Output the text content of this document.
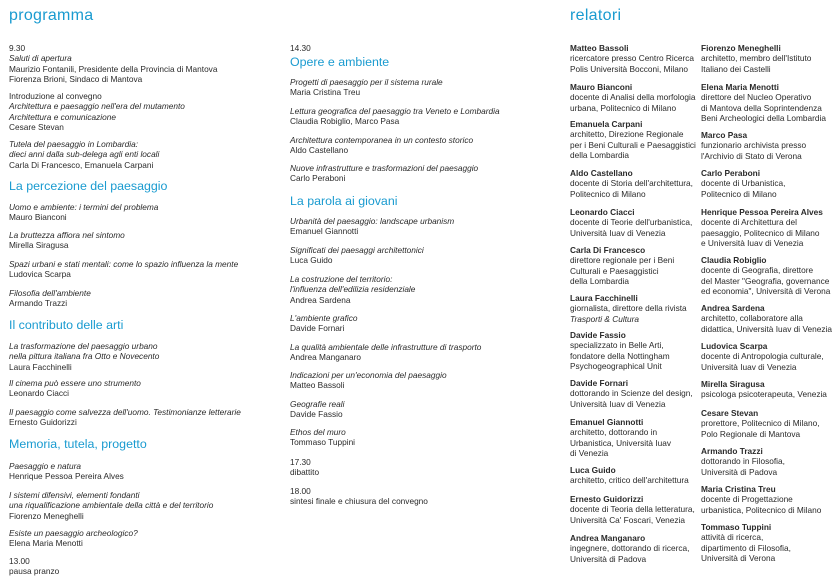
programma	relatori

9.30

Saluti di apertura

Maurizio Fontanili, Presidente della Provincia di Mantova

Fiorenza Brioni, Sindaco di Mantova

Introduzione al convegno

Architettura e paesaggio nell'era del mutamento

Architettura e comunicazione

Cesare Stevan

Tutela del paesaggio in Lombardia:

dieci anni dalla sub-delega agli enti locali

Carla Di Francesco, Emanuela Carpani

La percezione del paesaggio

Uomo e ambiente: i termini del problema

Mauro Bianconi

La bruttezza affiora nel sintomo

Mirella Siragusa

Spazi urbani e stati mentali: come lo spazio influenza la mente

Ludovica Scarpa

Filosofia dell'ambiente

Armando Trazzi

Il contributo delle arti

La trasformazione del paesaggio urbano

nella pittura italiana fra Otto e Novecento

Laura Facchinelli

Il cinema può essere uno strumento

Leonardo Ciacci

Il paesaggio come salvezza dell'uomo. Testimonianze letterarie

Ernesto Guidorizzi

Memoria, tutela, progetto

Paesaggio e natura

Henrique Pessoa Pereira Alves

I sistemi difensivi, elementi fondanti

una riqualificazione ambientale della città e del territorio

Fiorenzo Meneghelli

Esiste un paesaggio archeologico?

Elena Maria Menotti

13.00

pausa pranzo

14.30

Opere e ambiente

Progetti di paesaggio per il sistema rurale

Maria Cristina Treu

Lettura geografica del paesaggio tra Veneto e Lombardia

Claudia Robiglio, Marco Pasa

Architettura contemporanea in un contesto storico

Aldo Castellano

Nuove infrastrutture e trasformazioni del paesaggio

Carlo Peraboni

La parola ai giovani

Urbanità del paesaggio: landscape urbanism

Emanuel Giannotti

Significati dei paesaggi architettonici

Luca Guido

La costruzione del territorio:

l'influenza dell'edilizia residenziale

Andrea Sardena

L'ambiente grafico

Davide Fornari

La qualità ambientale delle infrastrutture di trasporto

Andrea Manganaro

Indicazioni per un'economia del paesaggio

Matteo Bassoli

Geografie reali

Davide Fassio

Ethos del muro

Tommaso Tuppini

17.30

dibattito

18.00

sintesi finale e chiusura del convegno

Matteo Bassoli

ricercatore presso Centro Ricerca

Polis Università Bocconi, Milano

Mauro Bianconi

docente di Analisi della morfologia

urbana, Politecnico di Milano

Emanuela Carpani

architetto, Direzione Regionale

per i Beni Culturali e Paesaggistici

della Lombardia

Aldo Castellano

docente di Storia dell'architettura,

Politecnico di Milano

Leonardo Ciacci

docente di Teorie dell'urbanistica,

Università Iuav di Venezia

Carla Di Francesco

direttore regionale per i Beni

Culturali e Paesaggistici

della Lombardia

Laura Facchinelli

giornalista, direttore della rivista

Trasporti & Cultura

Davide Fassio

specializzato in Belle Arti,

fondatore della Nottingham

Psychogeographical Unit

Davide Fornari

dottorando in Scienze del design,

Università Iuav di Venezia

Emanuel Giannotti

architetto, dottorando in

Urbanistica, Università Iuav

di Venezia

Luca Guido

architetto, critico dell'architettura

Ernesto Guidorizzi

docente di Teoria della letteratura,

Università Ca' Foscari, Venezia

Andrea Manganaro

ingegnere, dottorando di ricerca,

Università di Padova

Fiorenzo Meneghelli

architetto, membro dell'Istituto

Italiano dei Castelli

Elena Maria Menotti

direttore del Nucleo Operativo

di Mantova della Soprintendenza

Beni Archeologici della Lombardia

Marco Pasa

funzionario archivista presso

l'Archivio di Stato di Verona

Carlo Peraboni

docente di Urbanistica,

Politecnico di Milano

Henrique Pessoa Pereira Alves

docente di Architettura del

paesaggio, Politecnico di Milano

e Università Iuav di Venezia

Claudia Robiglio

docente di Geografia, direttore

del Master "Geografia, governance

ed economia", Università di Verona

Andrea Sardena

architetto, collaboratore alla

didattica, Università Iuav di Venezia

Ludovica Scarpa

docente di Antropologia culturale,

Università Iuav di Venezia

Mirella Siragusa

psicologa psicoterapeuta, Venezia

Cesare Stevan

prorettore, Politecnico di Milano,

Polo Regionale di Mantova

Armando Trazzi

dottorando in Filosofia,

Università di Padova

Maria Cristina Treu

docente di Progettazione

urbanistica, Politecnico di Milano

Tommaso Tuppini

attività di ricerca,

dipartimento di Filosofia,

Università di Verona
